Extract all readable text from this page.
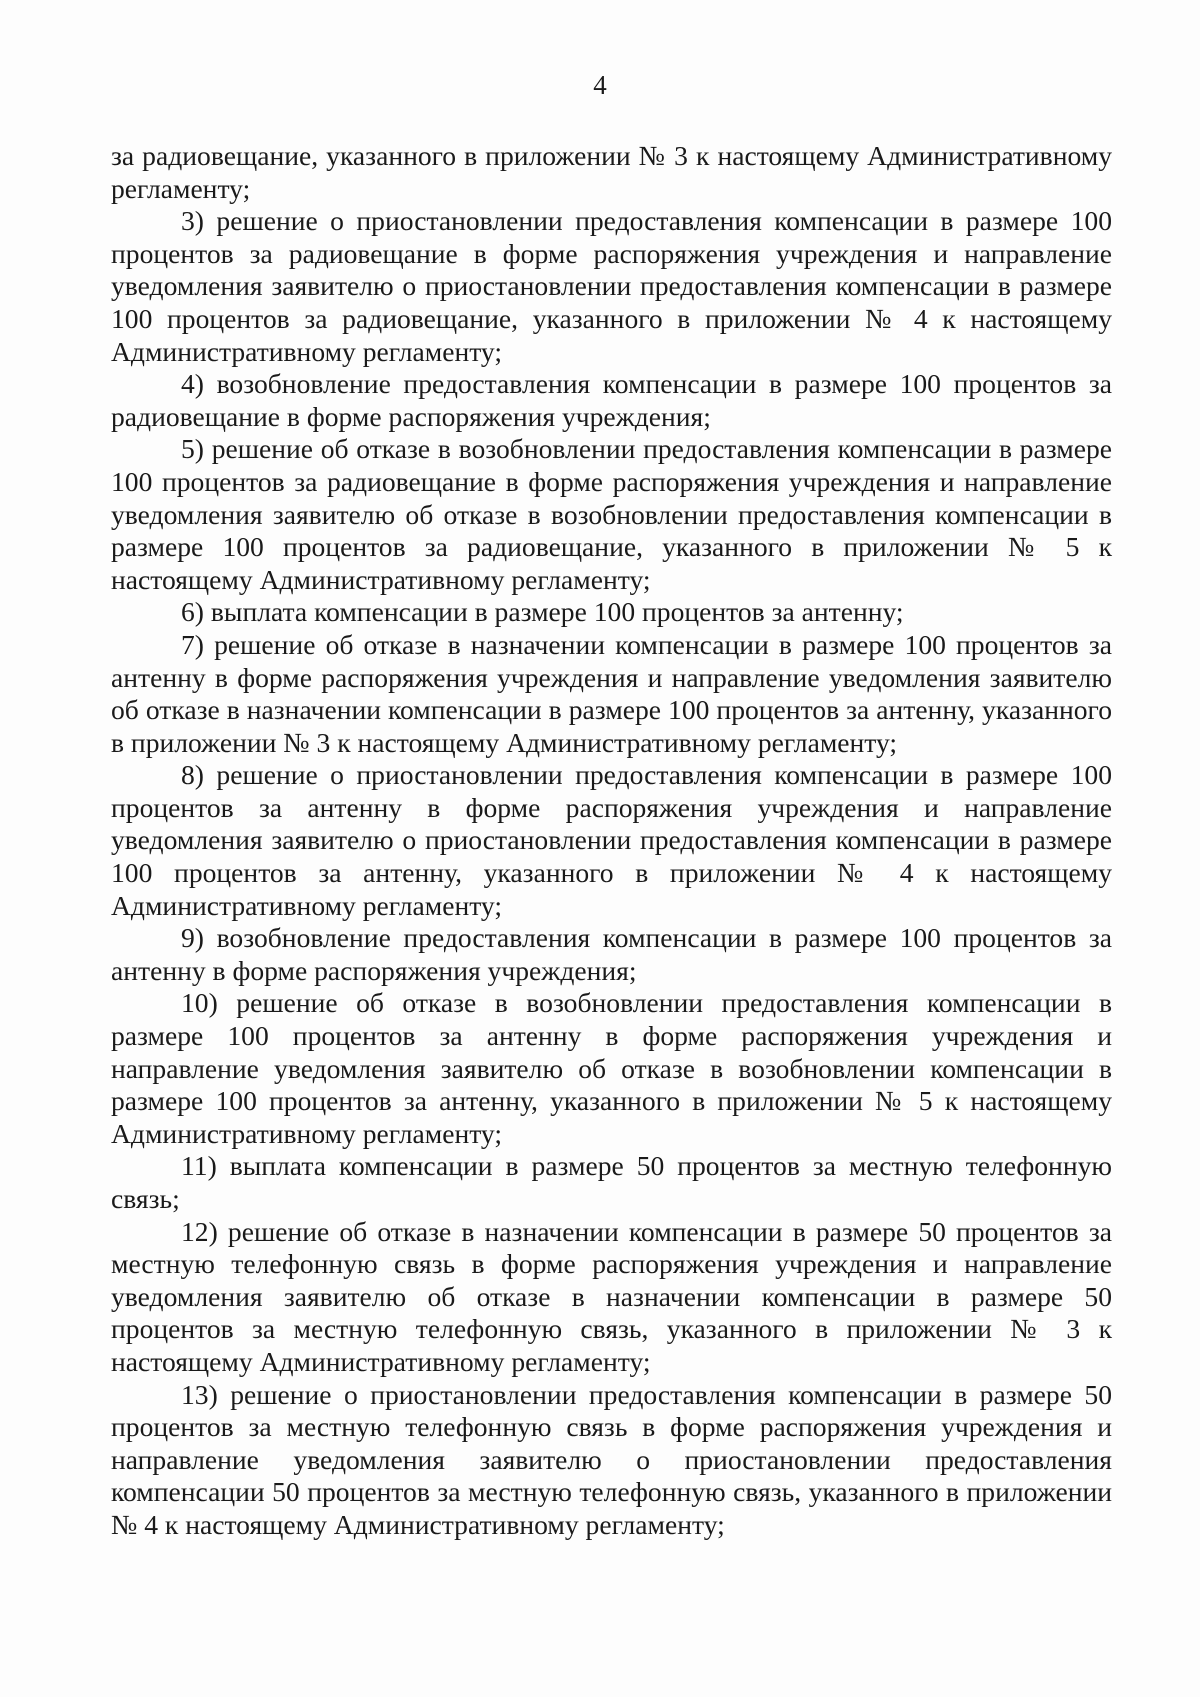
4

за радиовещание, указанного в приложении № 3 к настоящему Административному регламенту;

3) решение о приостановлении предоставления компенсации в размере 100 процентов за радиовещание в форме распоряжения учреждения и направление уведомления заявителю о приостановлении предоставления компенсации в размере 100 процентов за радиовещание, указанного в приложении № 4 к настоящему Административному регламенту;

4) возобновление предоставления компенсации в размере 100 процентов за радиовещание в форме распоряжения учреждения;

5) решение об отказе в возобновлении предоставления компенсации в размере 100 процентов за радиовещание в форме распоряжения учреждения и направление уведомления заявителю об отказе в возобновлении предоставления компенсации в размере 100 процентов за радиовещание, указанного в приложении № 5 к настоящему Административному регламенту;

6) выплата компенсации в размере 100 процентов за антенну;

7) решение об отказе в назначении компенсации в размере 100 процентов за антенну в форме распоряжения учреждения и направление уведомления заявителю об отказе в назначении компенсации в размере 100 процентов за антенну, указанного в приложении № 3 к настоящему Административному регламенту;

8) решение о приостановлении предоставления компенсации в размере 100 процентов за антенну в форме распоряжения учреждения и направление уведомления заявителю о приостановлении предоставления компенсации в размере 100 процентов за антенну, указанного в приложении № 4 к настоящему Административному регламенту;

9) возобновление предоставления компенсации в размере 100 процентов за антенну в форме распоряжения учреждения;

10) решение об отказе в возобновлении предоставления компенсации в размере 100 процентов за антенну в форме распоряжения учреждения и направление уведомления заявителю об отказе в возобновлении компенсации в размере 100 процентов за антенну, указанного в приложении № 5 к настоящему Административному регламенту;

11) выплата компенсации в размере 50 процентов за местную телефонную связь;

12) решение об отказе в назначении компенсации в размере 50 процентов за местную телефонную связь в форме распоряжения учреждения и направление уведомления заявителю об отказе в назначении компенсации в размере 50 процентов за местную телефонную связь, указанного в приложении № 3 к настоящему Административному регламенту;

13) решение о приостановлении предоставления компенсации в размере 50 процентов за местную телефонную связь в форме распоряжения учреждения и направление уведомления заявителю о приостановлении предоставления компенсации 50 процентов за местную телефонную связь, указанного в приложении № 4 к настоящему Административному регламенту;
